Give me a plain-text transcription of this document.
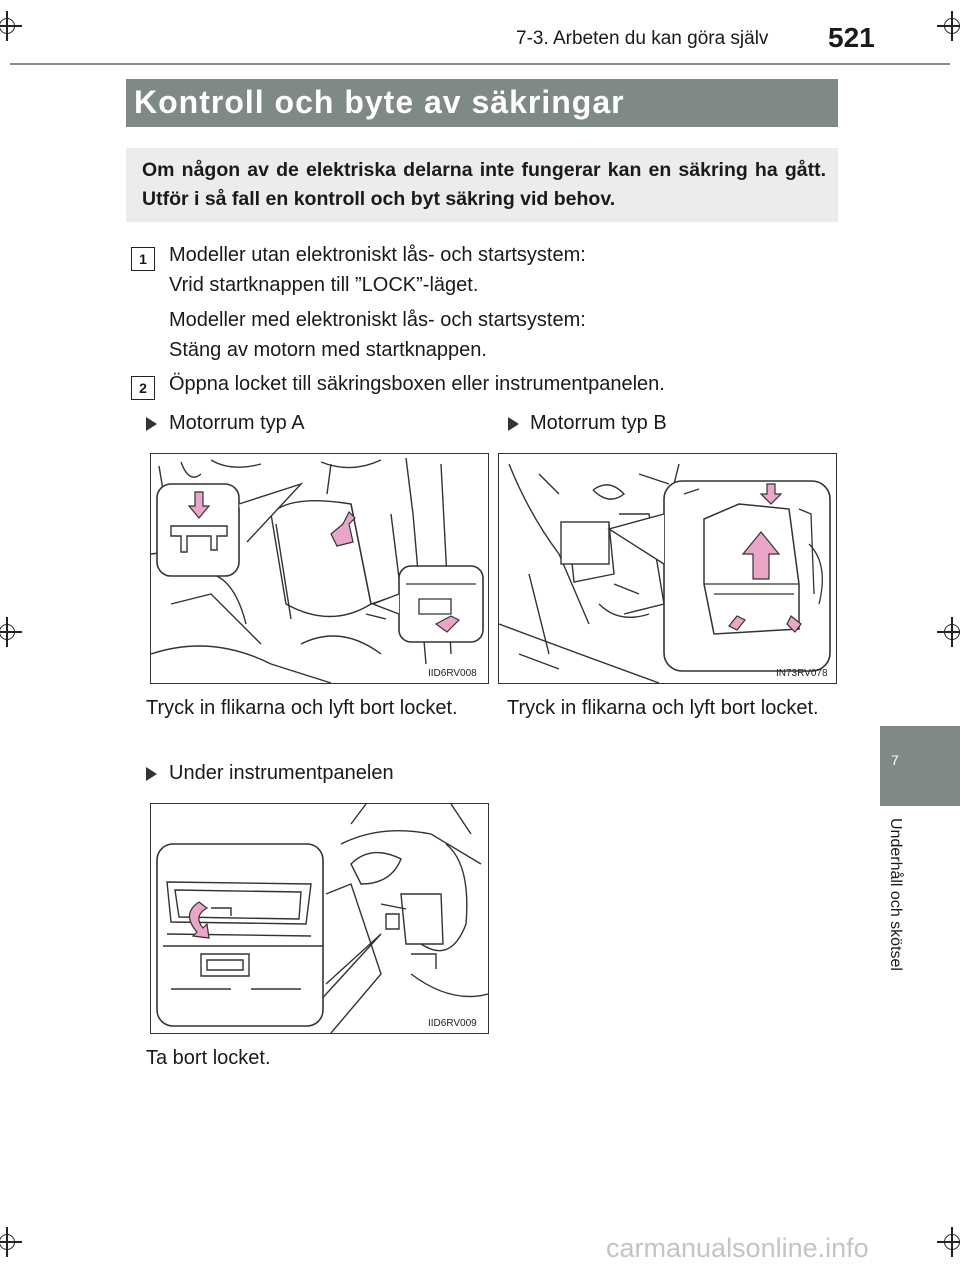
7-3. Arbeten du kan göra själv 521
Kontroll och byte av säkringar
Om någon av de elektriska delarna inte fungerar kan en säkring ha gått. Utför i så fall en kontroll och byt säkring vid behov.
1	Modeller utan elektroniskt lås- och startsystem:
Vrid startknappen till ”LOCK”-läget.
Modeller med elektroniskt lås- och startsystem:
Stäng av motorn med startknappen.
2	Öppna locket till säkringsboxen eller instrumentpanelen.
Motorrum typ A
IID6RV008
Tryck in flikarna och lyft bort locket.
Motorrum typ B
IN73RV078
Tryck in flikarna och lyft bort locket.
Under instrumentpanelen
IID6RV009
Ta bort locket.
7
Underhåll och skötsel
carmanualsonline.info
